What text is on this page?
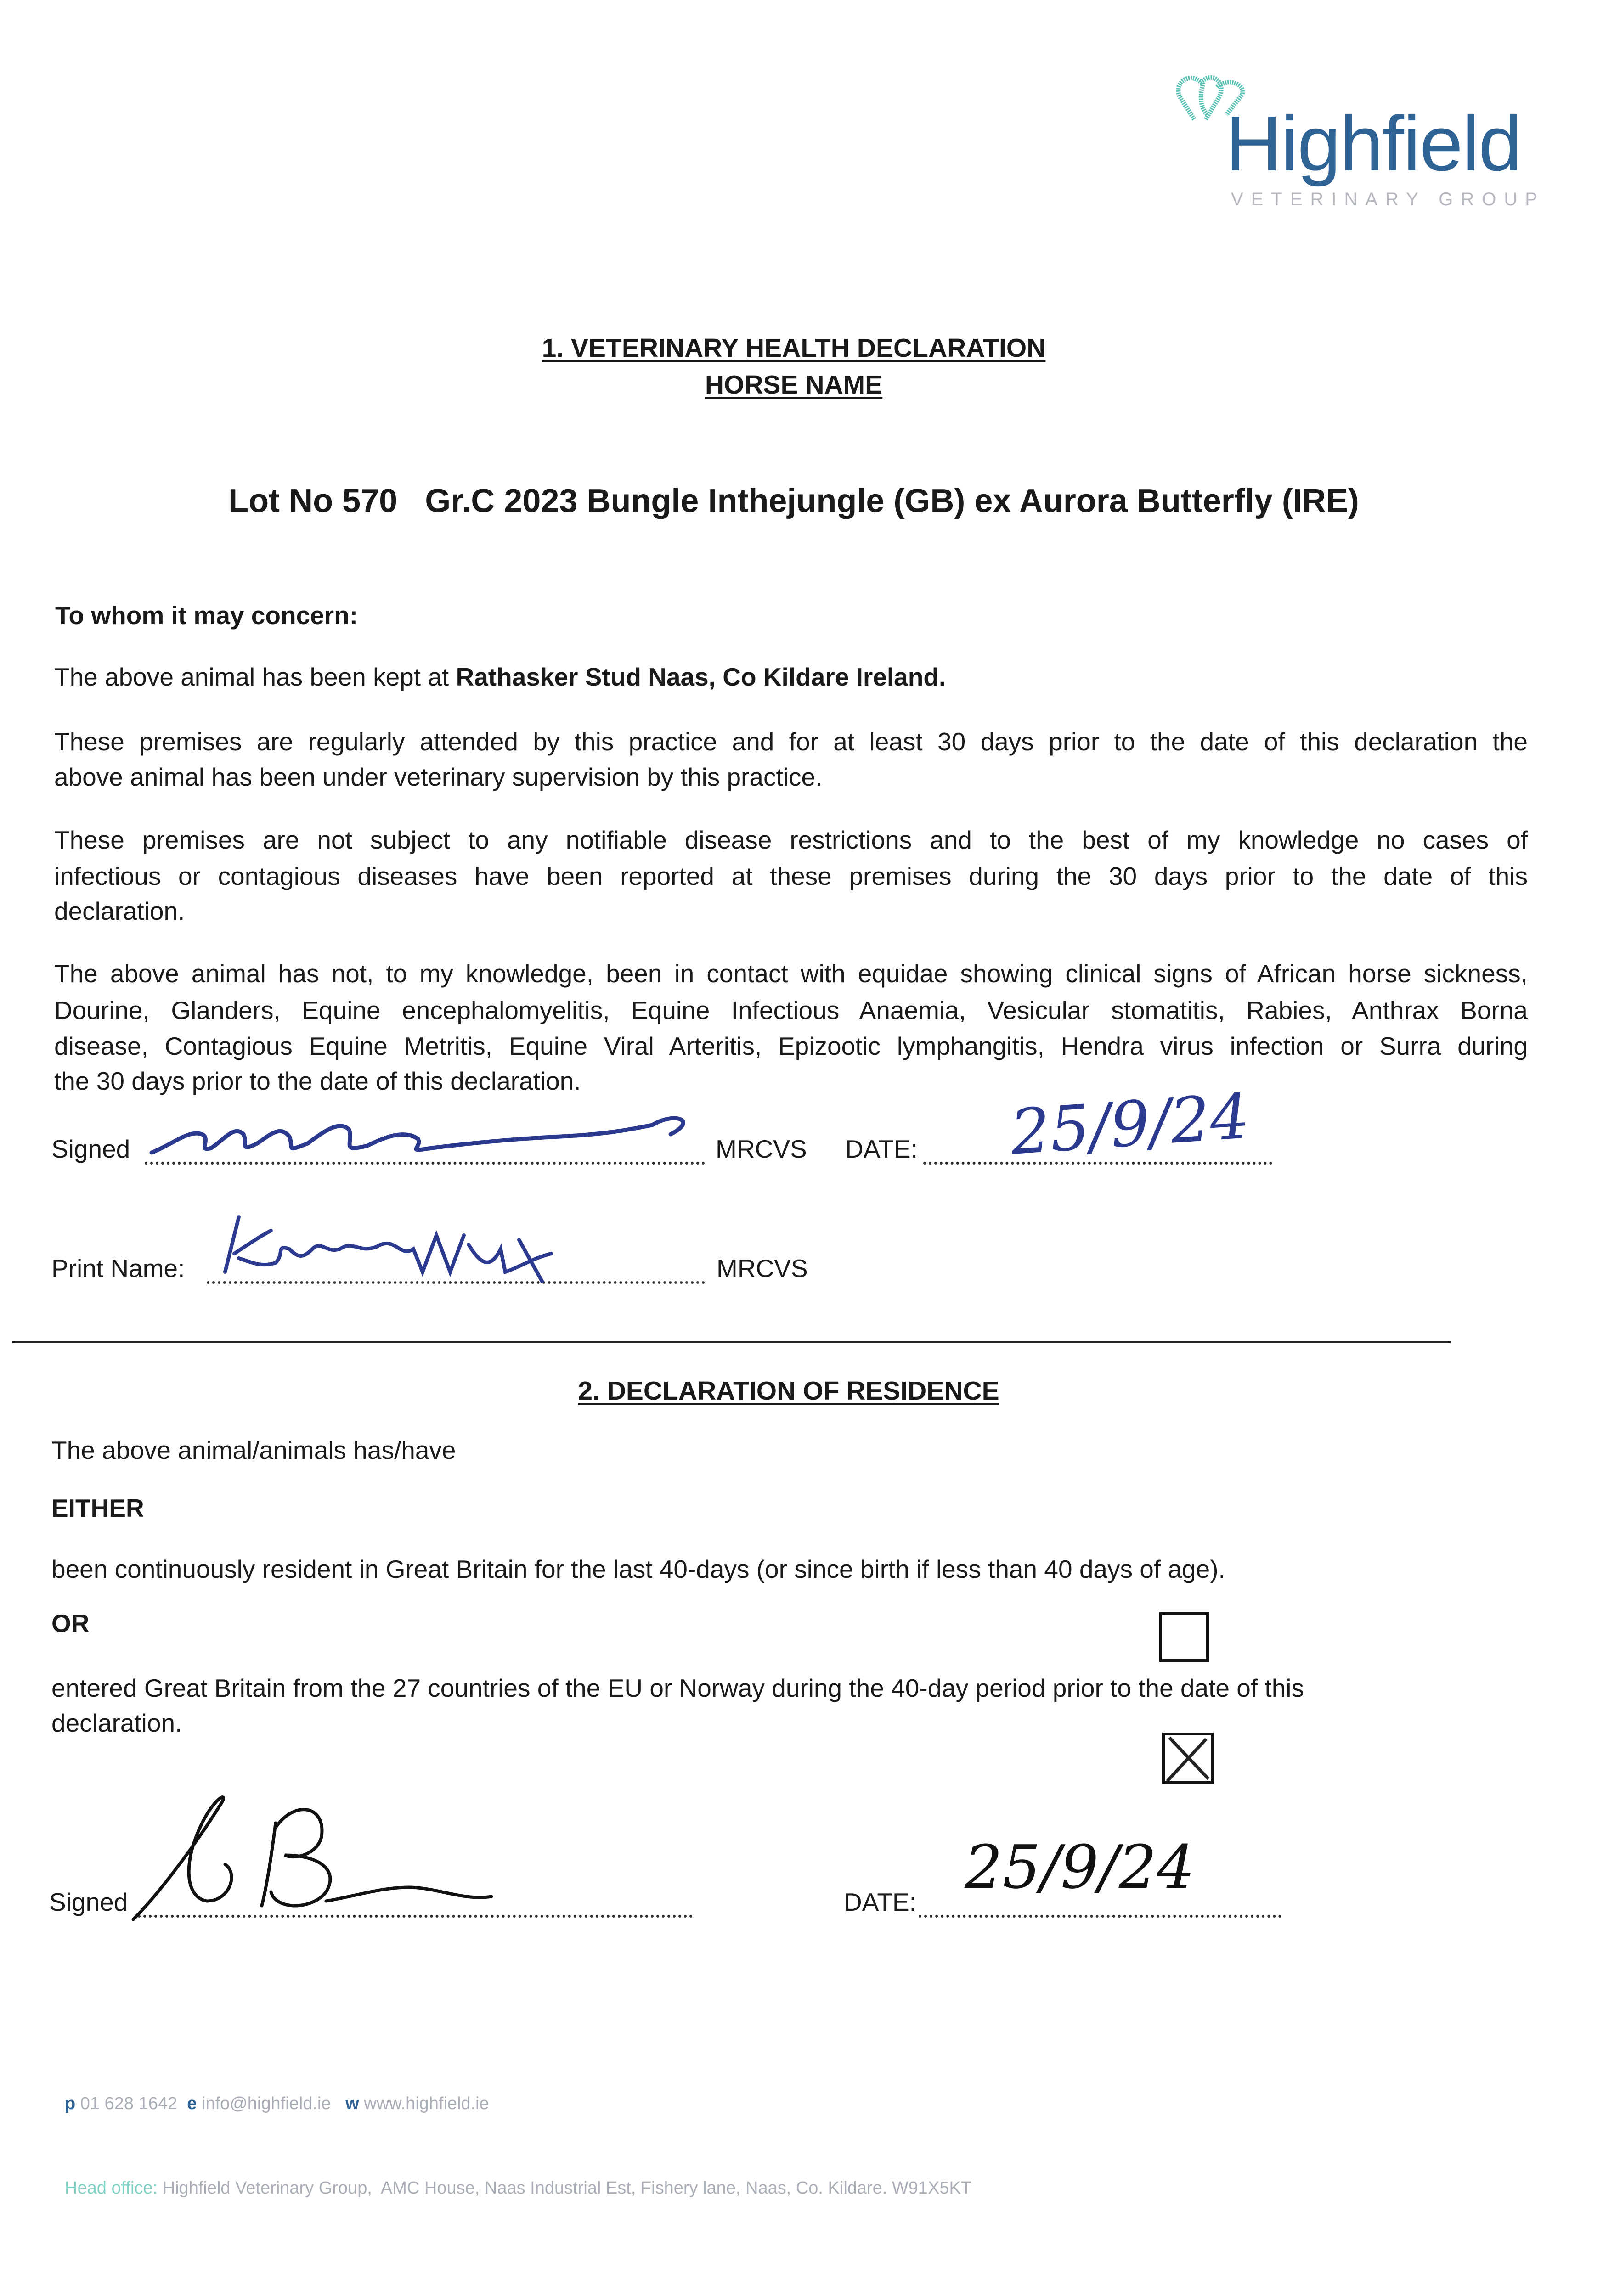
Highfield
VETERINARY GROUP
1. VETERINARY HEALTH DECLARATION
HORSE NAME
Lot No 570   Gr.C 2023 Bungle Inthejungle (GB) ex Aurora Butterfly (IRE)
To whom it may concern:
The above animal has been kept at Rathasker Stud Naas, Co Kildare Ireland.
These premises are regularly attended by this practice and for at least 30 days prior to the date of this declaration the
above animal has been under veterinary supervision by this practice.
These premises are not subject to any notifiable disease restrictions and to the best of my knowledge no cases of
infectious or contagious diseases have been reported at these premises during the 30 days prior to the date of this
declaration.
The above animal has not, to my knowledge, been in contact with equidae showing clinical signs of African horse sickness,
Dourine, Glanders, Equine encephalomyelitis, Equine Infectious Anaemia, Vesicular stomatitis, Rabies, Anthrax Borna
disease, Contagious Equine Metritis, Equine Viral Arteritis, Epizootic lymphangitis, Hendra virus infection or Surra during
the 30 days prior to the date of this declaration.
Signed	MRCVS DATE: 25/9/24
Print Name:	MRCVS
2. DECLARATION OF RESIDENCE
The above animal/animals has/have
EITHER
been continuously resident in Great Britain for the last 40-days (or since birth if less than 40 days of age).
OR
entered Great Britain from the 27 countries of the EU or Norway during the 40-day period prior to the date of this
declaration.
Signed	DATE: 25/9/24
p 01 628 1642 e info@highfield.ie w www.highfield.ie
Head office: Highfield Veterinary Group,  AMC House, Naas Industrial Est, Fishery lane, Naas, Co. Kildare. W91X5KT
